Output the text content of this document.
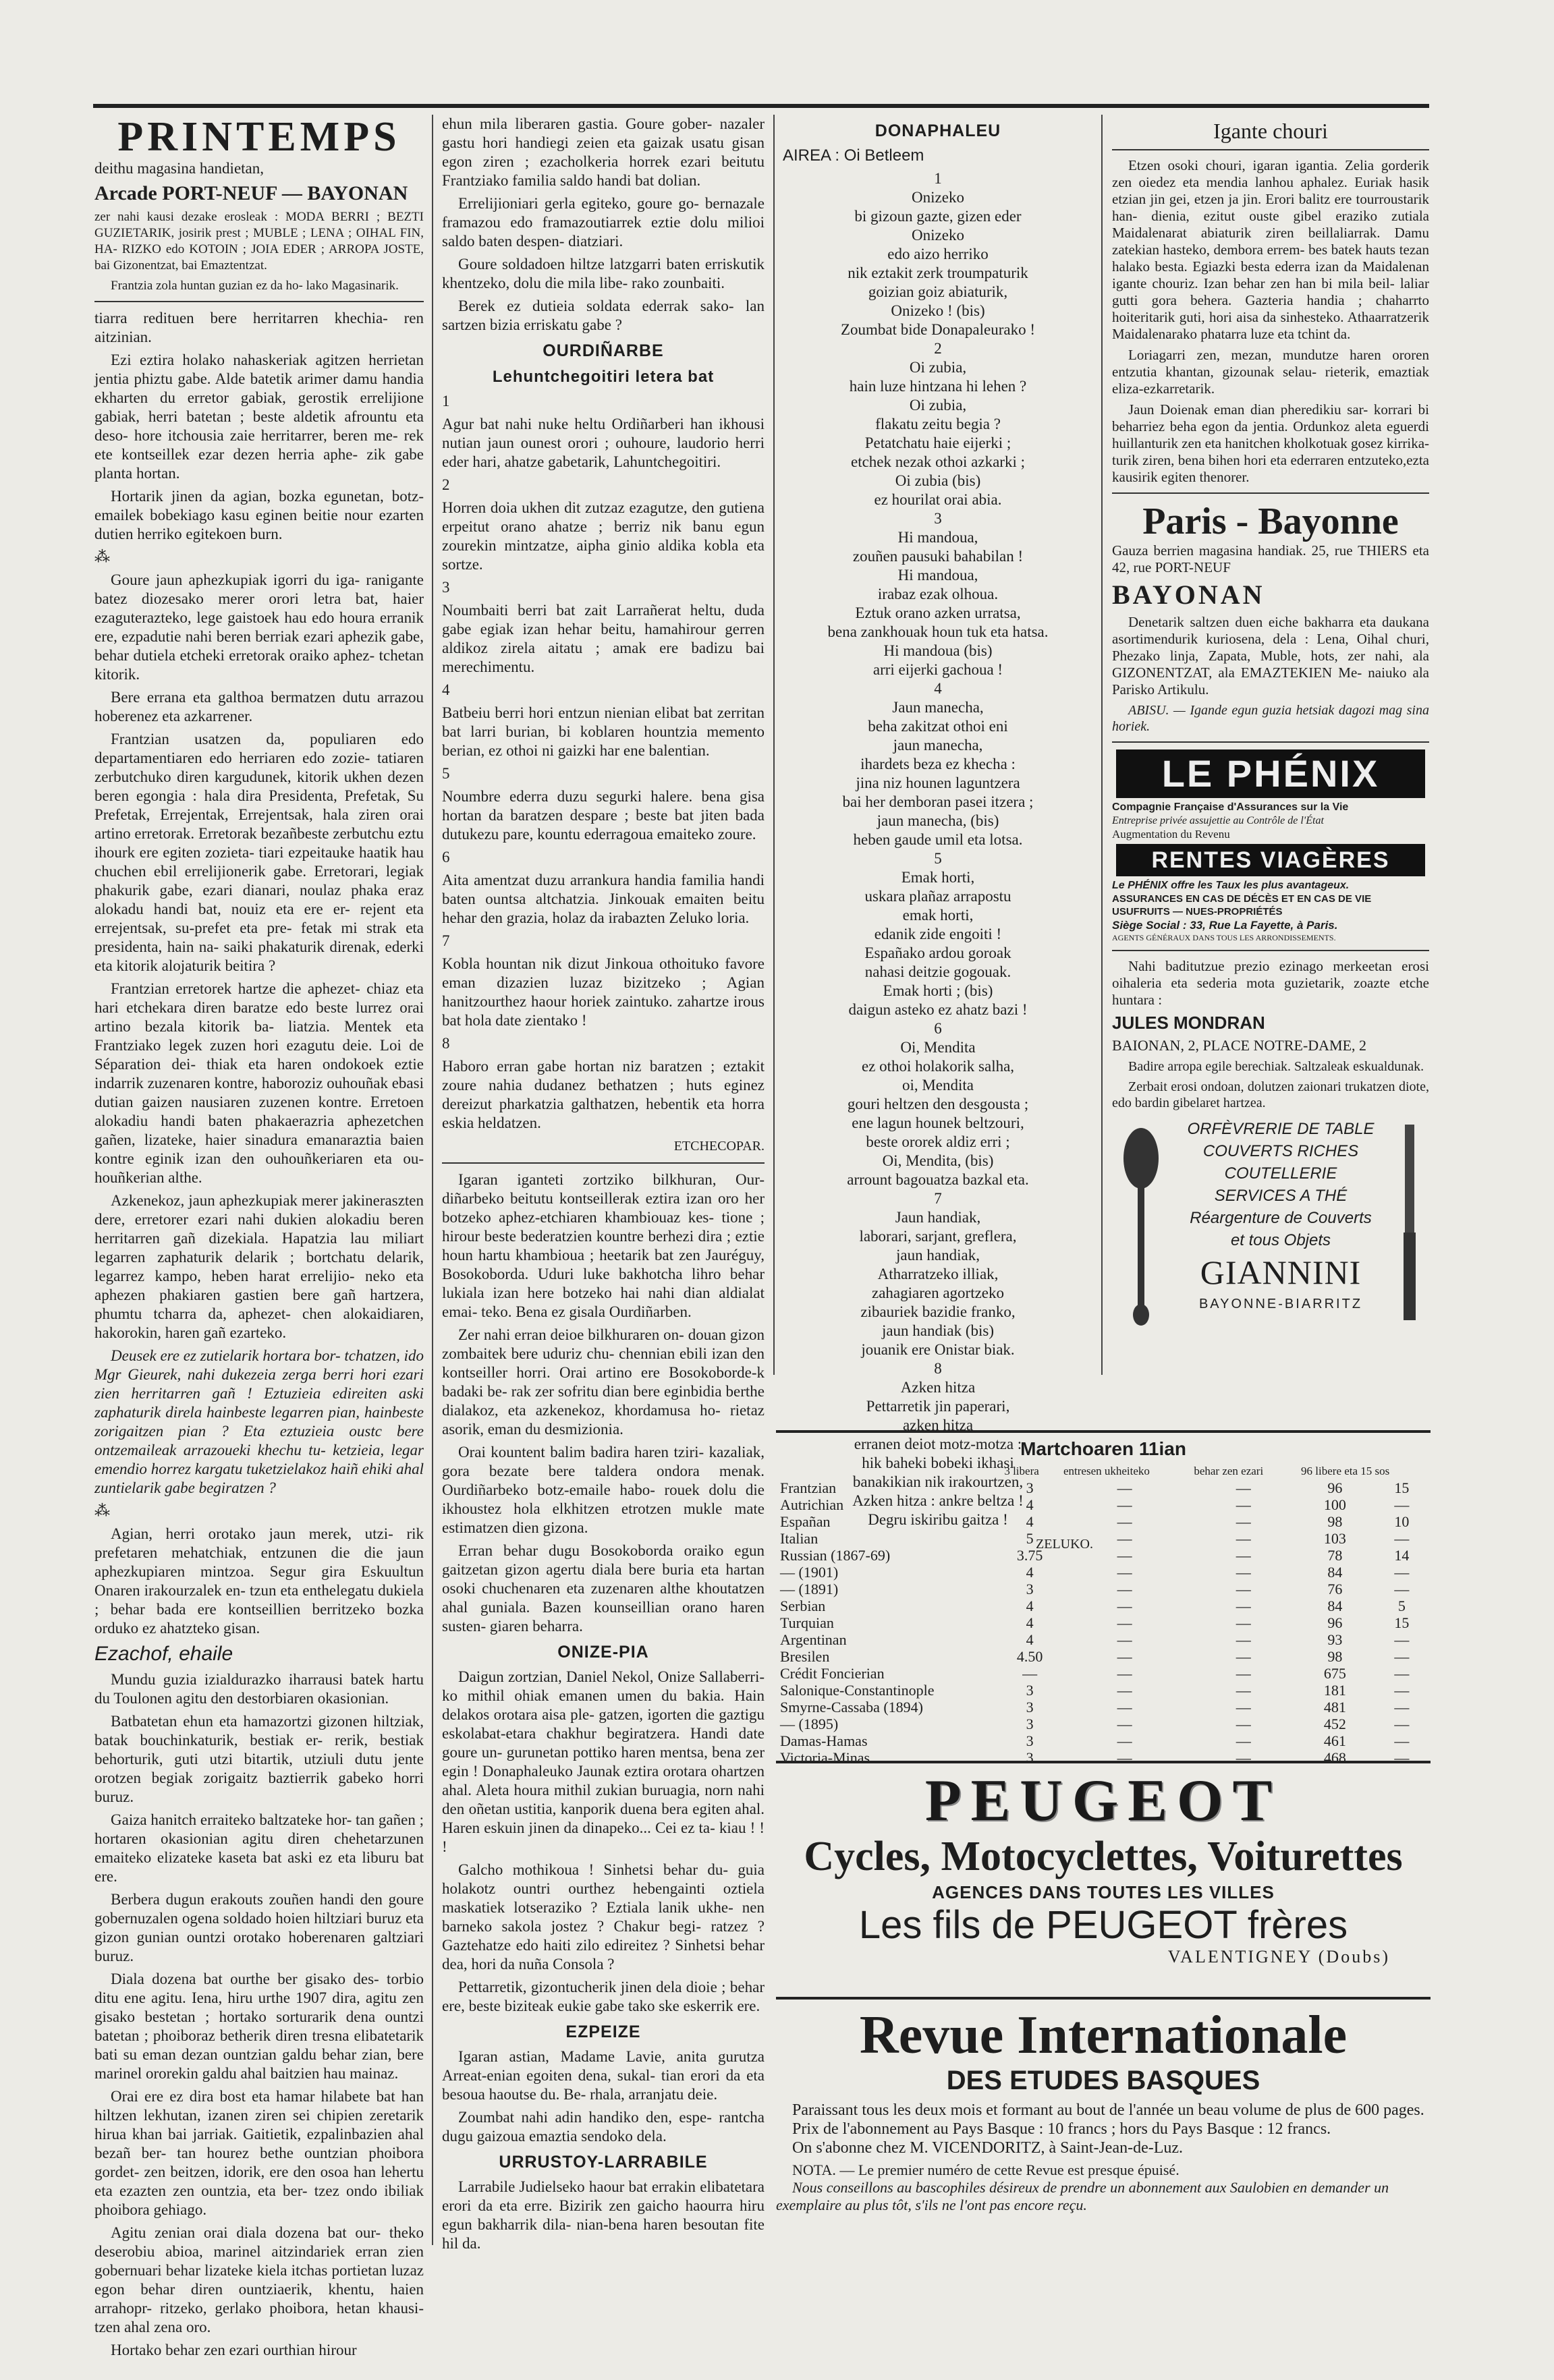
PRINTEMPS

deithu magasina handietan,

Arcade PORT-NEUF — BAYONAN

zer nahi kausi dezake erosleak : MODA BERRI ; BEZTI GUZIETARIK, josirik prest ; MUBLE ; LENA ; OIHAL FIN, HA- RIZKO edo KOTOIN ; JOIA EDER ; ARROPA JOSTE, bai Gizonentzat, bai Emaztentzat.

Frantzia zola huntan guzian ez da ho- lako Magasinarik.

tiarra redituen bere herritarren khechia- ren aitzinian.

Ezi eztira holako nahaskeriak agitzen herrietan jentia phiztu gabe. Alde batetik arimer damu handia ekharten du erretor gabiak, gerostik errelijione gabiak, herri batetan ; beste aldetik afrountu eta deso- hore itchousia zaie herritarrer, beren me- rek ete kontseillek ezar dezen herria aphe- zik gabe planta hortan.

Hortarik jinen da agian, bozka egunetan, botz-emailek bobekiago kasu eginen beitie nour ezarten dutien herriko egitekoen burn.

⁂

Goure jaun aphezkupiak igorri du iga- ranigante batez diozesako merer orori letra bat, haier ezaguterazteko, lege gaistoek hau edo houra erranik ere, ezpadutie nahi beren berriak ezari aphezik gabe, behar dutiela etcheki erretorak oraiko aphez- tchetan kitorik.

Bere errana eta galthoa bermatzen dutu arrazou hoberenez eta azkarrener.

Frantzian usatzen da, populiaren edo departamentiaren edo herriaren edo zozie- tatiaren zerbutchuko diren kargudunek, kitorik ukhen dezen beren egongia : hala dira Presidenta, Prefetak, Su Prefetak, Errejentak, Errejentsak, hala ziren orai artino erretorak. Erretorak bezañbeste zerbutchu eztu ihourk ere egiten zozieta- tiari ezpeitauke haatik hau chuchen ebil errelijionerik gabe. Erretorari, legiak phakurik gabe, ezari dianari, noulaz phaka eraz alokadu handi bat, nouiz eta ere er- rejent eta errejentsak, su-prefet eta pre- fetak mi strak eta presidenta, hain na- saiki phakaturik direnak, ederki eta kitorik alojaturik beitira ?

Frantzian erretorek hartze die aphezet- chiaz eta hari etchekara diren baratze edo beste lurrez orai artino bezala kitorik ba- liatzia. Mentek eta Frantziako legek zuzen hori ezagutu deie. Loi de Séparation dei- thiak eta haren ondokoek eztie indarrik zuzenaren kontre, haboroziz ouhouñak ebasi dutian gaizen nausiaren zuzenen kontre. Erretoen alokadiu handi baten phakaerazria aphezetchen gañen, lizateke, haier sinadura emanaraztia baien kontre eginik izan den ouhouñkeriaren eta ou- houñkerian althe.

Azkenekoz, jaun aphezkupiak merer jakineraszten dere, erretorer ezari nahi dukien alokadiu beren herritarren gañ dizekiala. Hapatzia lau miliart legarren zaphaturik delarik ; bortchatu delarik, legarrez kampo, heben harat errelijio- neko eta aphezen phakiaren gastien bere gañ hartzera, phumtu tcharra da, aphezet- chen alokaidiaren, hakorokin, haren gañ ezarteko.

Deusek ere ez zutielarik hortara bor- tchatzen, ido Mgr Gieurek, nahi dukezeia zerga berri hori ezari zien herritarren gañ ! Eztuzieia edireiten aski zaphaturik direla hainbeste legarren pian, hainbeste zorigaitzen pian ? Eta eztuzieia oustc bere ontzemaileak arrazoueki khechu tu- ketzieia, legar emendio horrez kargatu tuketzielakoz haiñ ehiki ahal zuntielarik gabe begiratzen ?

⁂

Agian, herri orotako jaun merek, utzi- rik prefetaren mehatchiak, entzunen die die jaun aphezkupiaren mintzoa. Segur gira Eskuultun Onaren irakourzalek en- tzun eta enthelegatu dukiela ; behar bada ere kontseillien berritzeko bozka orduko ez ahatzteko gisan.

Ezachof, ehaile

Mundu guzia izialdurazko iharrausi batek hartu du Toulonen agitu den destorbiaren okasionian.

Batbatetan ehun eta hamazortzi gizonen hiltziak, batak bouchinkaturik, bestiak er- rerik, bestiak behorturik, guti utzi bitartik, utziuli dutu jente orotzen begiak zorigaitz baztierrik gabeko horri buruz.

Gaiza hanitch erraiteko baltzateke hor- tan gañen ; hortaren okasionian agitu diren chehetarzunen emaiteko elizateke kaseta bat aski ez eta liburu bat ere.

Berbera dugun erakouts zouñen handi den goure gobernuzalen ogena soldado hoien hiltziari buruz eta gizon gunian ountzi orotako hoberenaren galtziari buruz.

Diala dozena bat ourthe ber gisako des- torbio ditu ene agitu. Iena, hiru urthe 1907 dira, agitu zen gisako bestetan ; hortako sorturarik dena ountzi batetan ; phoiboraz betherik diren tresna elibatetarik bati su eman dezan ountzian galdu behar zian, bere marinel ororekin galdu ahal baitzien hau mainaz.

Orai ere ez dira bost eta hamar hilabete bat han hiltzen lekhutan, izanen ziren sei chipien zeretarik hirua khan bai jarriak. Gaitietik, ezpalinbazien ahal bezañ ber- tan hourez bethe ountzian phoibora gordet- zen beitzen, idorik, ere den osoa han lehertu eta ezazten zen ountzia, eta ber- tzez ondo ibiliak phoibora gehiago.

Agitu zenian orai diala dozena bat our- theko deserobiu abioa, marinel aitzindariek erran zien gobernuari behar lizateke kiela itchas portietan luzaz egon behar diren ountziaerik, khentu, haien arrahopr- ritzeko, gerlako phoibora, hetan khausi- tzen ahal zena oro.

Hortako behar zen ezari ourthian hirour

ehun mila liberaren gastia. Goure gober- nazaler gastu hori handiegi zeien eta gaizak usatu gisan egon ziren ; ezacholkeria horrek ezari beitutu Frantziako familia saldo handi bat dolian.

Errelijioniari gerla egiteko, goure go- bernazale framazou edo framazoutiarrek eztie dolu milioi saldo baten despen- diatziari.

Goure soldadoen hiltze latzgarri baten erriskutik khentzeko, dolu die mila libe- rako zounbaiti.

Berek ez dutieia soldata ederrak sako- lan sartzen bizia erriskatu gabe ?

OURDIÑARBE
Lehuntchegoitiri letera bat

1

Agur bat nahi nuke heltu Ordiñarberi han ikhousi nutian jaun ounest orori ; ouhoure, laudorio herri eder hari, ahatze gabetarik, Lahuntchegoitiri.

2

Horren doia ukhen dit zutzaz ezagutze, den gutiena erpeitut orano ahatze ; berriz nik banu egun zourekin mintzatze, aipha ginio aldika kobla eta sortze.

3

Noumbaiti berri bat zait Larrañerat heltu, duda gabe egiak izan hehar beitu, hamahirour gerren aldikoz zirela aitatu ; amak ere badizu bai merechimentu.

4

Batbeiu berri hori entzun nienian elibat bat zerritan bat larri burian, bi koblaren hountzia memento berian, ez othoi ni gaizki har ene balentian.

5

Noumbre ederra duzu segurki halere. bena gisa hortan da baratzen despare ; beste bat jiten bada dutukezu pare, kountu ederragoua emaiteko zoure.

6

Aita amentzat duzu arrankura handia familia handi baten ountsa altchatzia. Jinkouak emaiten beitu hehar den grazia, holaz da irabazten Zeluko loria.

7

Kobla hountan nik dizut Jinkoua othoituko favore eman dizazien luzaz bizitzeko ; Agian hanitzourthez haour horiek zaintuko. zahartze irous bat hola date zientako !

8

Haboro erran gabe hortan niz baratzen ; eztakit zoure nahia dudanez bethatzen ; huts eginez dereizut pharkatzia galthatzen, hebentik eta horra eskia heldatzen.

ETCHECOPAR.

Igaran iganteti zortziko bilkhuran, Our- diñarbeko beitutu kontseillerak eztira izan oro her botzeko aphez-etchiaren khambiouaz kes- tione ; hirour beste bederatzien kountre berhezi dira ; eztie houn hartu khambioua ; heetarik bat zen Jauréguy, Bosokoborda. Uduri luke bakhotcha lihro behar lukiala izan here botzeko hai nahi dian aldialat emai- teko. Bena ez gisala Ourdiñarben.

Zer nahi erran deioe bilkhuraren on- douan gizon zombaitek bere uduriz chu- chennian ebili izan den kontseiller horri. Orai artino ere Bosokoborde-k badaki be- rak zer sofritu dian bere eginbidia berthe dialakoz, eta azkenekoz, khordamusa ho- rietaz asorik, eman du desmizionia.

Orai kountent balim badira haren tziri- kazaliak, gora bezate bere taldera ondora menak. Ourdiñarbeko botz-emaile habo- rouek dolu die ikhoustez hola elkhitzen etrotzen mukle mate estimatzen dien gizona.

Erran behar dugu Bosokoborda oraiko egun gaitzetan gizon agertu diala bere buria eta hartan osoki chuchenaren eta zuzenaren althe khoutatzen ahal guniala. Bazen kounseillian orano haren susten- giaren beharra.

ONIZE-PIA

Daigun zortzian, Daniel Nekol, Onize Sallaberri-ko mithil ohiak emanen umen du bakia. Hain delakos orotara aisa ple- gatzen, igorten die gaztigu eskolabat-etara chakhur begiratzera. Handi date goure un- gurunetan pottiko haren mentsa, bena zer egin ! Donaphaleuko Jaunak eztira orotara ohartzen ahal. Aleta houra mithil zukian buruagia, norn nahi den oñetan ustitia, kanporik duena bera egiten ahal. Haren eskuin jinen da dinapeko... Cei ez ta- kiau ! ! !

Galcho mothikoua ! Sinhetsi behar du- guia holakotz ountri ourthez hebengainti oztiela maskatiek lotseraziko ? Eztiala lanik ukhe- nen barneko sakola jostez ? Chakur begi- ratzez ? Gaztehatze edo haiti zilo edireitez ? Sinhetsi behar dea, hori da nuña Consola ?

Pettarretik, gizontucherik jinen dela dioie ; behar ere, beste biziteak eukie gabe tako ske eskerrik ere.

EZPEIZE

Igaran astian, Madame Lavie, anita gurutza Arreat-enian egoiten dena, sukal- tian erori da eta besoua haoutse du. Be- rhala, arranjatu deie.

Zoumbat nahi adin handiko den, espe- rantcha dugu gaizoua emaztia sendoko dela.

URRUSTOY-LARRABILE

Larrabile Judielseko haour bat errakin elibatetara erori da eta erre. Bizirik zen gaicho haourra hiru egun bakharrik dila- nian-bena haren besoutan fite hil da.

DONAPHALEU

AIREA : Oi Betleem

1

Onizeko

bi gizoun gazte, gizen eder

Onizeko

edo aizo herriko

nik eztakit zerk troumpaturik

goizian goiz abiaturik,

Onizeko ! (bis)

Zoumbat bide Donapaleurako !

2

Oi zubia,

hain luze hintzana hi lehen ?

Oi zubia,

flakatu zeitu begia ?

Petatchatu haie eijerki ;

etchek nezak othoi azkarki ;

Oi zubia (bis)

ez hourilat orai abia.

3

Hi mandoua,

zouñen pausuki bahabilan !

Hi mandoua,

irabaz ezak olhoua.

Eztuk orano azken urratsa,

bena zankhouak houn tuk eta hatsa.

Hi mandoua (bis)

arri eijerki gachoua !

4

Jaun manecha,

beha zakitzat othoi eni

jaun manecha,

ihardets beza ez khecha :

jina niz hounen laguntzera

bai her demboran pasei itzera ;

jaun manecha, (bis)

heben gaude umil eta lotsa.

5

Emak horti,

uskara plañaz arrapostu

emak horti,

edanik zide engoiti !

Españako ardou goroak

nahasi deitzie gogouak.

Emak horti ; (bis)

daigun asteko ez ahatz bazi !

6

Oi, Mendita

ez othoi holakorik salha,

oi, Mendita

gouri heltzen den desgousta ;

ene lagun hounek beltzouri,

beste ororek aldiz erri ;

Oi, Mendita, (bis)

arrount bagouatza bazkal eta.

7

Jaun handiak,

laborari, sarjant, greflera,

jaun handiak,

Atharratzeko illiak,

zahagiaren agortzeko

zibauriek bazidie franko,

jaun handiak (bis)

jouanik ere Onistar biak.

8

Azken hitza

Pettarretik jin paperari,

azken hitza

erranen deiot motz-motza :

hik baheki bobeki ikhasi

banakikian nik irakourtzen,

Azken hitza : ankre beltza !

Degru iskiribu gaitza !

ZELUKO.

Igante chouri

Etzen osoki chouri, igaran igantia. Zelia gorderik zen oiedez eta mendia lanhou aphalez. Euriak hasik etzian jin gei, etzen ja jin. Erori balitz ere tourroustarik han- dienia, ezitut ouste gibel eraziko zutiala Maidalenarat abiaturik ziren beillaliarrak. Damu zatekian hasteko, dembora errem- bes batek hauts tezan halako besta. Egiazki besta ederra izan da Maidalenan igante chouriz. Izan behar zen han bi mila beil- laliar gutti gora behera. Gazteria handia ; chaharrto hoiteritarik guti, hori aisa da sinhesteko. Athaarratzerik Maidalenarako phatarra luze eta tchint da.

Loriagarri zen, mezan, mundutze haren ororen entzutia khantan, gizounak selau- rieterik, emaztiak eliza-ezkarretarik.

Jaun Doienak eman dian pheredikiu sar- korrari bi beharriez beha egon da jentia. Ordunkoz aleta eguerdi huillanturik zen eta hanitchen kholkotuak gosez kirrika- turik ziren, bena bihen hori eta ederraren entzuteko,ezta kausirik egiten thenorer.

Paris - Bayonne

Gauza berrien magasina handiak. 25, rue THIERS eta 42, rue PORT-NEUF

BAYONAN

Denetarik saltzen duen eiche bakharra eta daukana asortimendurik kuriosena, dela : Lena, Oihal churi, Phezako linja, Zapata, Muble, hots, zer nahi, ala GIZONENTZAT, ala EMAZTEKIEN Me- naiuko ala Parisko Artikulu.

ABISU. — Igande egun guzia hetsiak dagozi mag sina horiek.

LE PHÉNIX

Compagnie Française d'Assurances sur la Vie

Entreprise privée assujettie au Contrôle de l'État

Augmentation du Revenu

RENTES VIAGÈRES

Le PHÉNIX offre les Taux les plus avantageux.

ASSURANCES EN CAS DE DÉCÈS ET EN CAS DE VIE

USUFRUITS — NUES-PROPRIÉTÉS

Siège Social : 33, Rue La Fayette, à Paris.

AGENTS GÉNÉRAUX DANS TOUS LES ARRONDISSEMENTS.

Nahi baditutzue prezio ezinago merkeetan erosi oihaleria eta sederia mota guzietarik, zoazte etche huntara :

JULES MONDRAN

BAIONAN, 2, PLACE NOTRE-DAME, 2

Badire arropa egile berechiak. Saltzaleak eskualdunak.

Zerbait erosi ondoan, dolutzen zaionari trukatzen diote, edo bardin gibelaret hartzea.

ORFÈVRERIE DE TABLE
COUVERTS RICHES
COUTELLERIE
SERVICES A THÉ
Réargenture de Couverts
et tous Objets
GIANNINI
BAYONNE-BIARRITZ
Martchoaren 11ian
	3 libera	entresen ukheiteko	behar zen ezari	96 libere eta 15 sos	
Frantzian	3	—	—	96	15
Autrichian	4	—	—	100	—
Españan	4	—	—	98	10
Italian	5	—	—	103	—
Russian (1867-69)	3.75	—	—	78	14
— (1901)	4	—	—	84	—
— (1891)	3	—	—	76	—
Serbian	4	—	—	84	5
Turquian	4	—	—	96	15
Argentinan	4	—	—	93	—
Bresilen	4.50	—	—	98	—
Crédit Foncierian	—	—	—	675	—
Salonique-Constantinople	3	—	—	181	—
Smyrne-Cassaba (1894)	3	—	—	481	—
— (1895)	3	—	—	452	—
Damas-Hamas	3	—	—	461	—
Victoria-Minas	3	—	—	468	—
PEUGEOT
Cycles, Motocyclettes, Voiturettes
AGENCES DANS TOUTES LES VILLES
Les fils de PEUGEOT frères
VALENTIGNEY (Doubs)
Revue Internationale
DES ETUDES BASQUES

Paraissant tous les deux mois et formant au bout de l'année un beau volume de plus de 600 pages.

Prix de l'abonnement au Pays Basque : 10 francs ; hors du Pays Basque : 12 francs.

On s'abonne chez M. VICENDORITZ, à Saint-Jean-de-Luz.

NOTA. — Le premier numéro de cette Revue est presque épuisé.

Nous conseillons au bascophiles désireux de prendre un abonnement aux Saulobien en demander un exemplaire au plus tôt, s'ils ne l'ont pas encore reçu.
